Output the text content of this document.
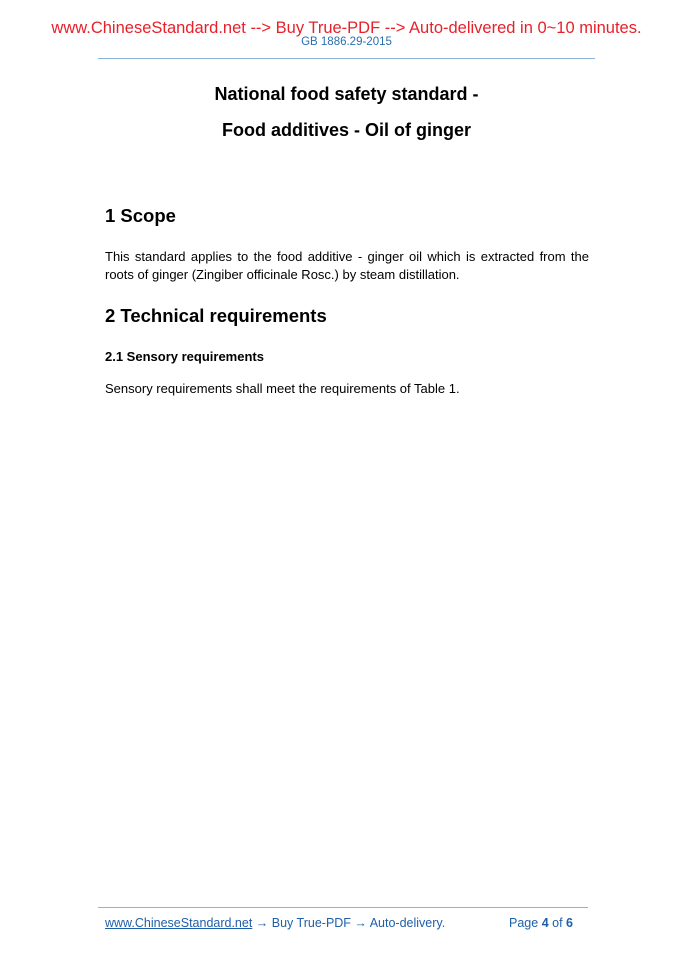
www.ChineseStandard.net --> Buy True-PDF --> Auto-delivered in 0~10 minutes.
GB 1886.29-2015
National food safety standard -
Food additives - Oil of ginger
1 Scope

This standard applies to the food additive - ginger oil which is extracted from the roots of ginger (Zingiber officinale Rosc.) by steam distillation.

2 Technical requirements
2.1 Sensory requirements

Sensory requirements shall meet the requirements of Table 1.

www.ChineseStandard.net → Buy True-PDF → Auto-delivery.	Page 4 of 6
